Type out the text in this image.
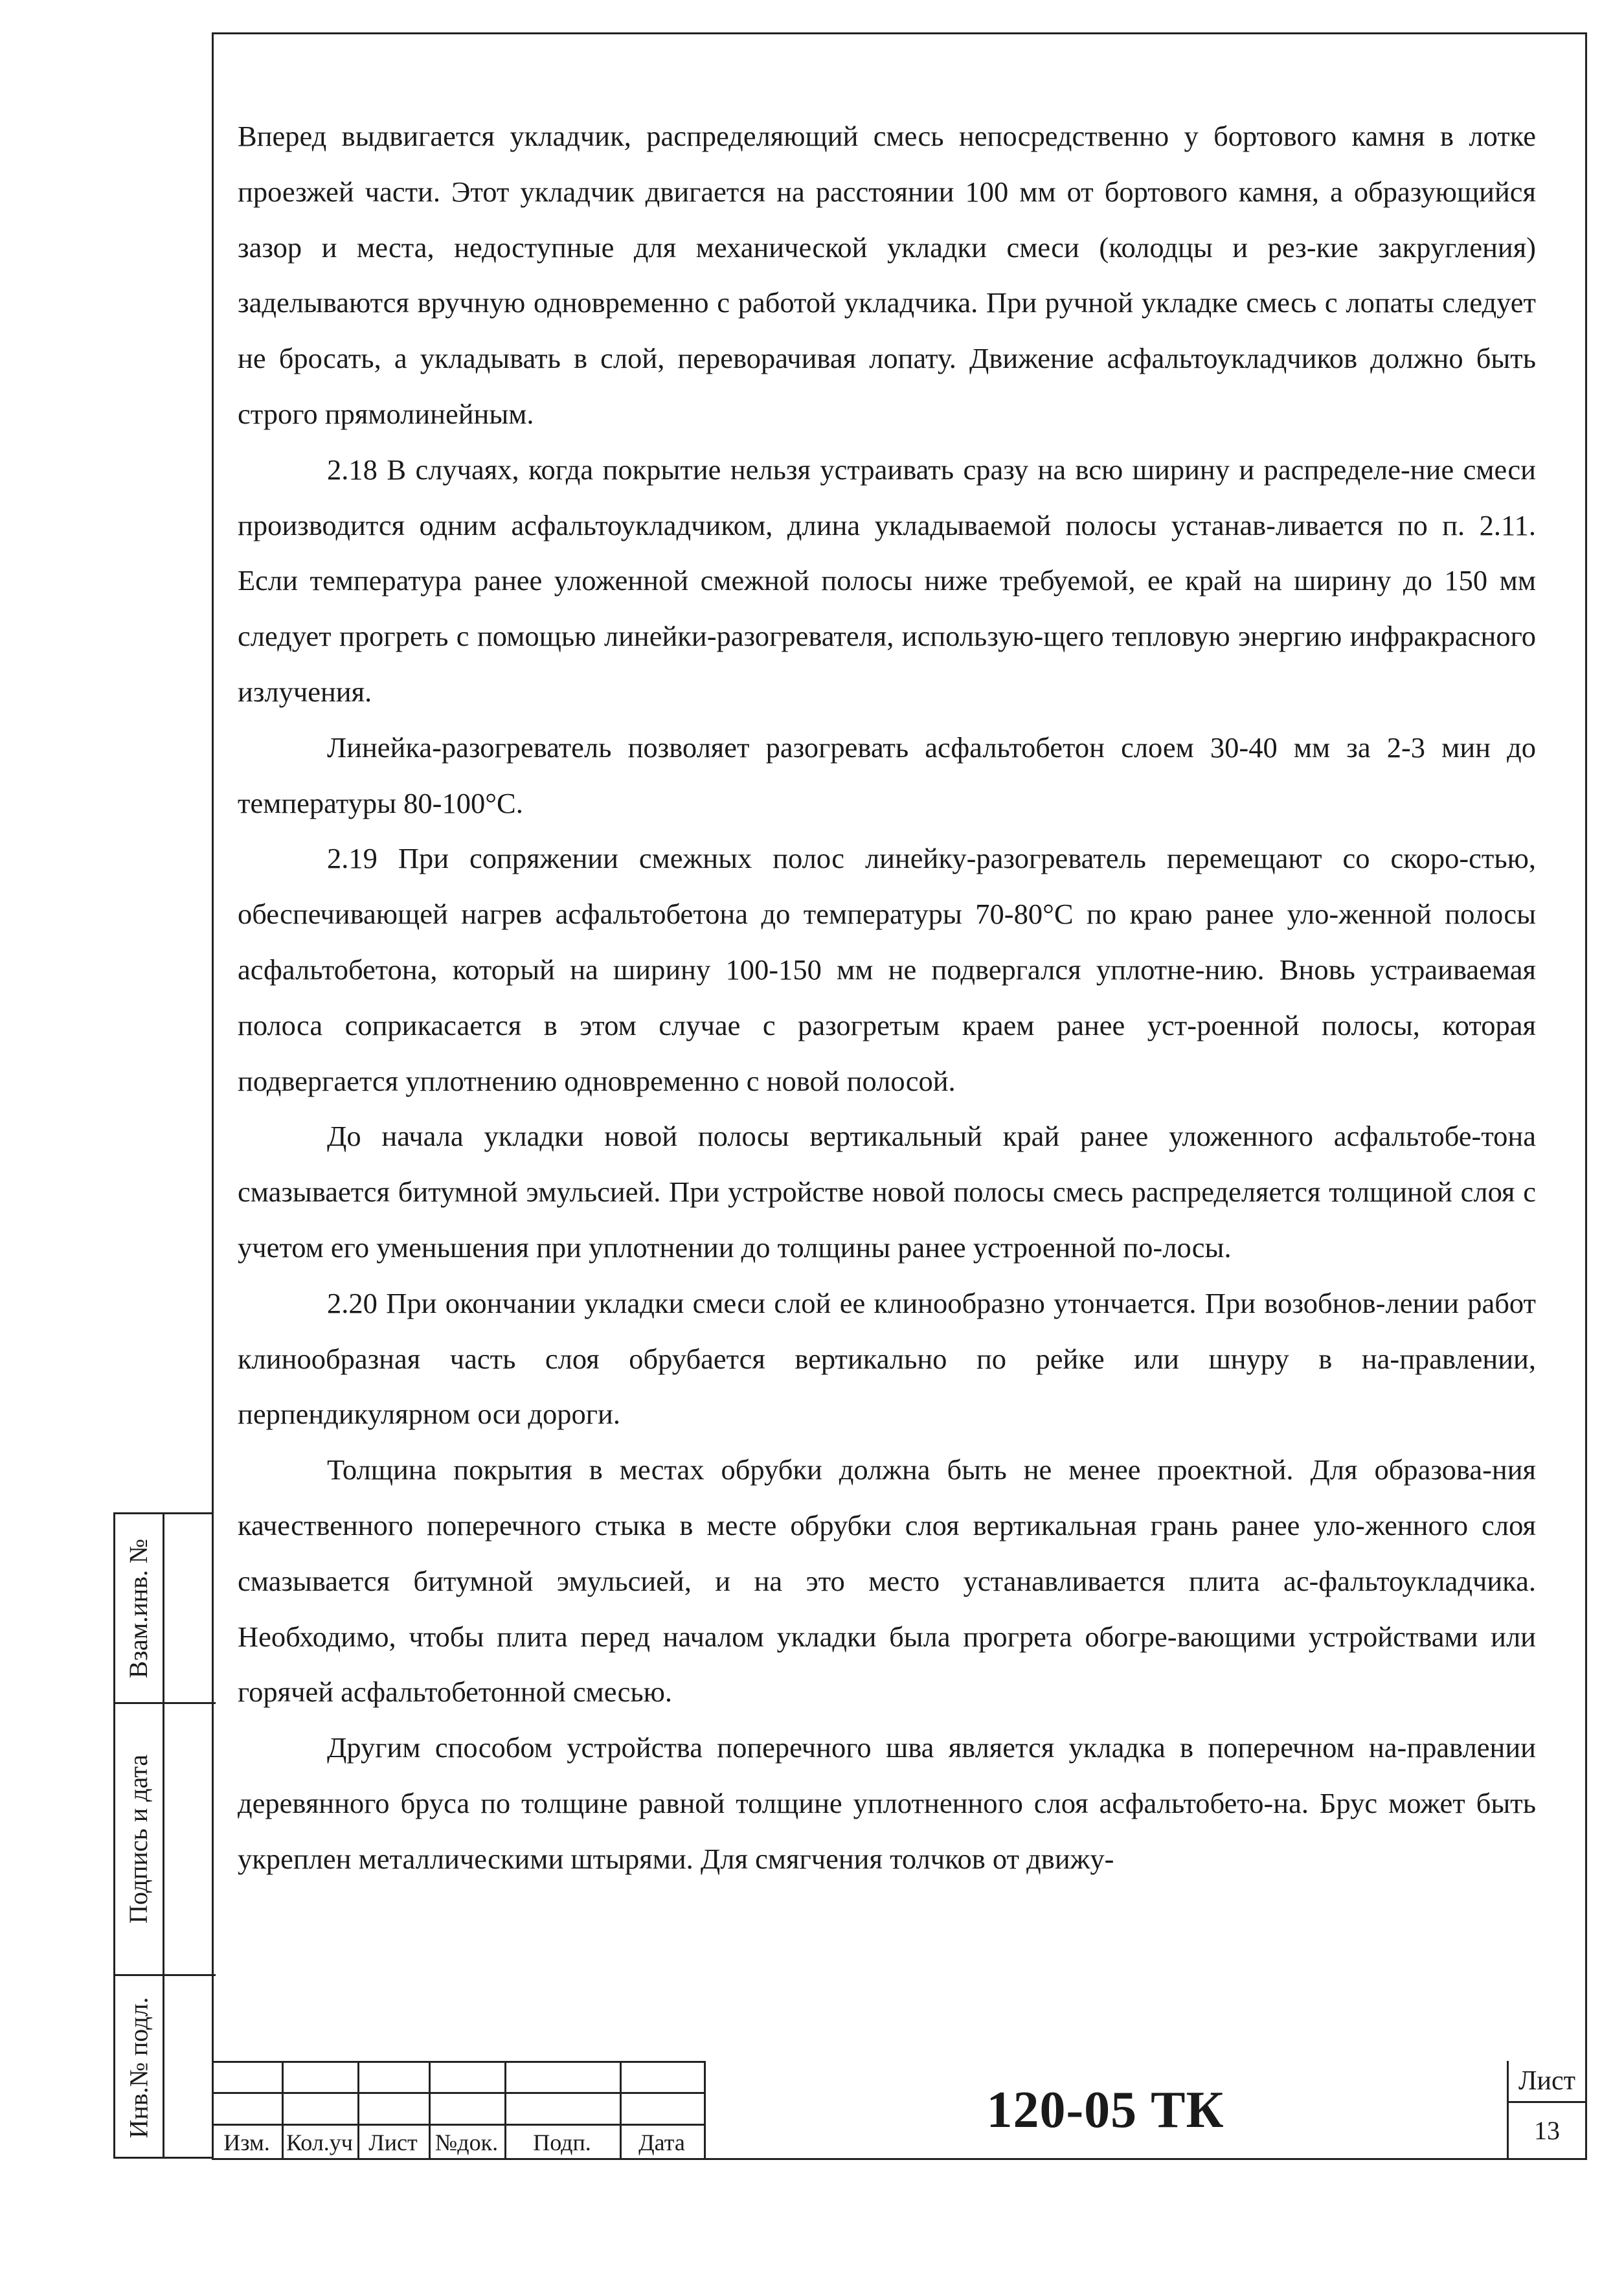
Вперед выдвигается укладчик, распределяющий смесь непосредственно у бортового камня в лотке проезжей части. Этот укладчик двигается на расстоянии 100 мм от бортового камня, а образующийся зазор и места, недоступные для механической укладки смеси (колодцы и рез-кие закругления) заделываются вручную одновременно с работой укладчика. При ручной укладке смесь с лопаты следует не бросать, а укладывать в слой, переворачивая лопату. Движение асфальтоукладчиков должно быть строго прямолинейным.

2.18 В случаях, когда покрытие нельзя устраивать сразу на всю ширину и распределе-ние смеси производится одним асфальтоукладчиком, длина укладываемой полосы устанав-ливается по п. 2.11. Если температура ранее уложенной смежной полосы ниже требуемой, ее край на ширину до 150 мм следует прогреть с помощью линейки-разогревателя, использую-щего тепловую энергию инфракрасного излучения.

Линейка-разогреватель позволяет разогревать асфальтобетон слоем 30-40 мм за 2-3 мин до температуры 80-100°С.

2.19 При сопряжении смежных полос линейку-разогреватель перемещают со скоро-стью, обеспечивающей нагрев асфальтобетона до температуры 70-80°С по краю ранее уло-женной полосы асфальтобетона, который на ширину 100-150 мм не подвергался уплотне-нию. Вновь устраиваемая полоса соприкасается в этом случае с разогретым краем ранее уст-роенной полосы, которая подвергается уплотнению одновременно с новой полосой.

До начала укладки новой полосы вертикальный край ранее уложенного асфальтобе-тона смазывается битумной эмульсией. При устройстве новой полосы смесь распределяется толщиной слоя с учетом его уменьшения при уплотнении до толщины ранее устроенной по-лосы.

2.20 При окончании укладки смеси слой ее клинообразно утончается. При возобнов-лении работ клинообразная часть слоя обрубается вертикально по рейке или шнуру в на-правлении, перпендикулярном оси дороги.

Толщина покрытия в местах обрубки должна быть не менее проектной. Для образова-ния качественного поперечного стыка в месте обрубки слоя вертикальная грань ранее уло-женного слоя смазывается битумной эмульсией, и на это место устанавливается плита ас-фальтоукладчика. Необходимо, чтобы плита перед началом укладки была прогрета обогре-вающими устройствами или горячей асфальтобетонной смесью.

Другим способом устройства поперечного шва является укладка в поперечном на-правлении деревянного бруса по толщине равной толщине уплотненного слоя асфальтобето-на. Брус может быть укреплен металлическими штырями. Для смягчения толчков от движу-

Взам.инв. №
Подпись и дата
Инв.№ подл.
Изм. Кол.уч Лист №док.	Подп.	Дата
120-05 ТК
Лист
13
